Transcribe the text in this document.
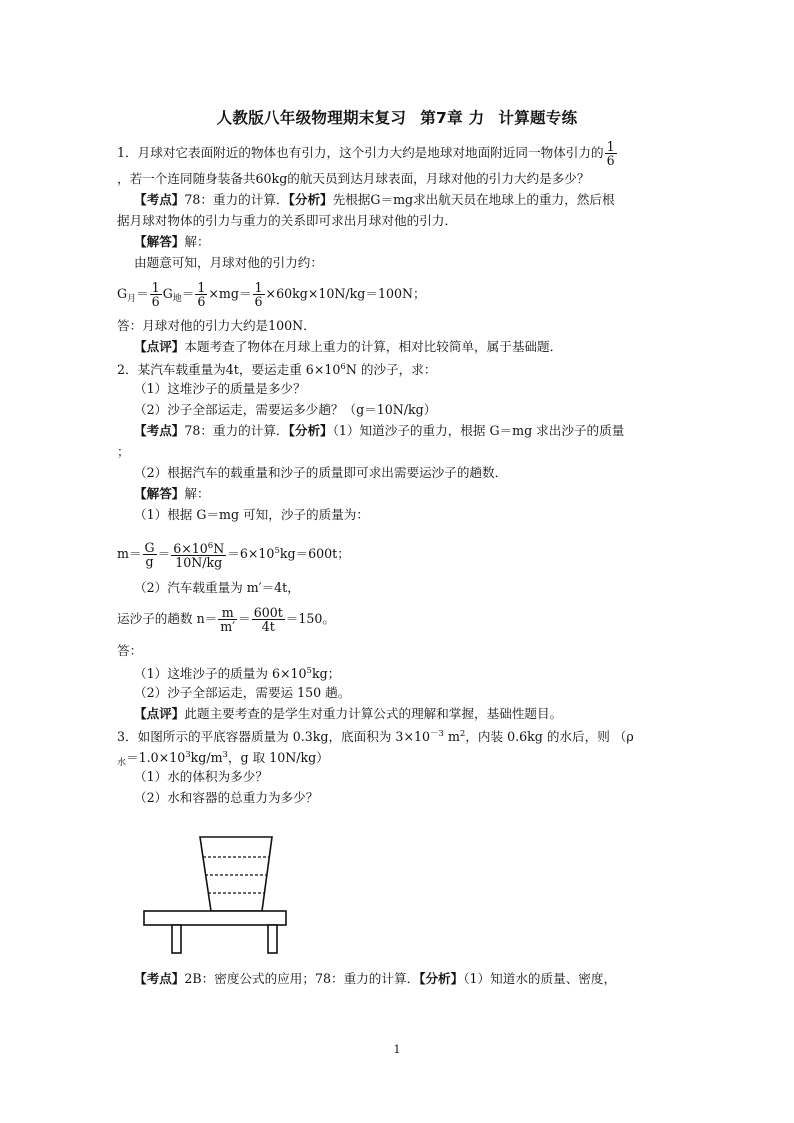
人教版八年级物理期末复习 第7章 力 计算题专练
1．月球对它表面附近的物体也有引力，这个引力大约是地球对地面附近同一物体引力的 $\frac{1}{6}$
，若一个连同随身装备共60kg的航天员到达月球表面，月球对他的引力大约是多少？
【考点】78：重力的计算．【分析】先根据G＝mg求出航天员在地球上的重力，然后根
据月球对物体的引力与重力的关系即可求出月球对他的引力．
【解答】解：
由题意可知，月球对他的引力约：
$G_月= \frac{1}{6} G_地= \frac{1}{6} \times mg= \frac{1}{6} \times 60kg\times 10N/kg=100N$；
答：月球对他的引力大约是100N．
【点评】本题考查了物体在月球上重力的计算，相对比较简单，属于基础题．
2．某汽车载重量为4t，要运走重 $6\times 10^6N$ 的沙子，求：
（1）这堆沙子的质量是多少？
（2）沙子全部运走，需要运多少趟？（g＝10N/kg）
【考点】78：重力的计算．【分析】（1）知道沙子的重力，根据 G＝mg 求出沙子的质量
；
（2）根据汽车的载重量和沙子的质量即可求出需要运沙子的趟数．
【解答】解：
（1）根据 G＝mg 可知，沙子的质量为：
$m= \frac{G}{g} = \frac{6\times 10^6N}{10N/kg} =6\times 10^5kg=600t$；
（2）汽车载重量为 m′＝4t，
运沙子的趟数 $n= \frac{m}{m'} = \frac{600t}{4t} =150$。
答：
（1）这堆沙子的质量为 $6\times 10^5kg$；
（2）沙子全部运走，需要运 150 趟。
【点评】此题主要考查的是学生对重力计算公式的理解和掌握，基础性题目。
3．如图所示的平底容器质量为 0.3kg，底面积为 $3\times 10^{-3}$ $m^2$，内装 0.6kg 的水后，则 （ρ
$_水=1.0\times 10^3kg/m^3$，g 取 10N/kg）
（1）水的体积为多少？
（2）水和容器的总重力为多少？
【考点】2B：密度公式的应用；78：重力的计算．【分析】（1）知道水的质量、密度，
1
